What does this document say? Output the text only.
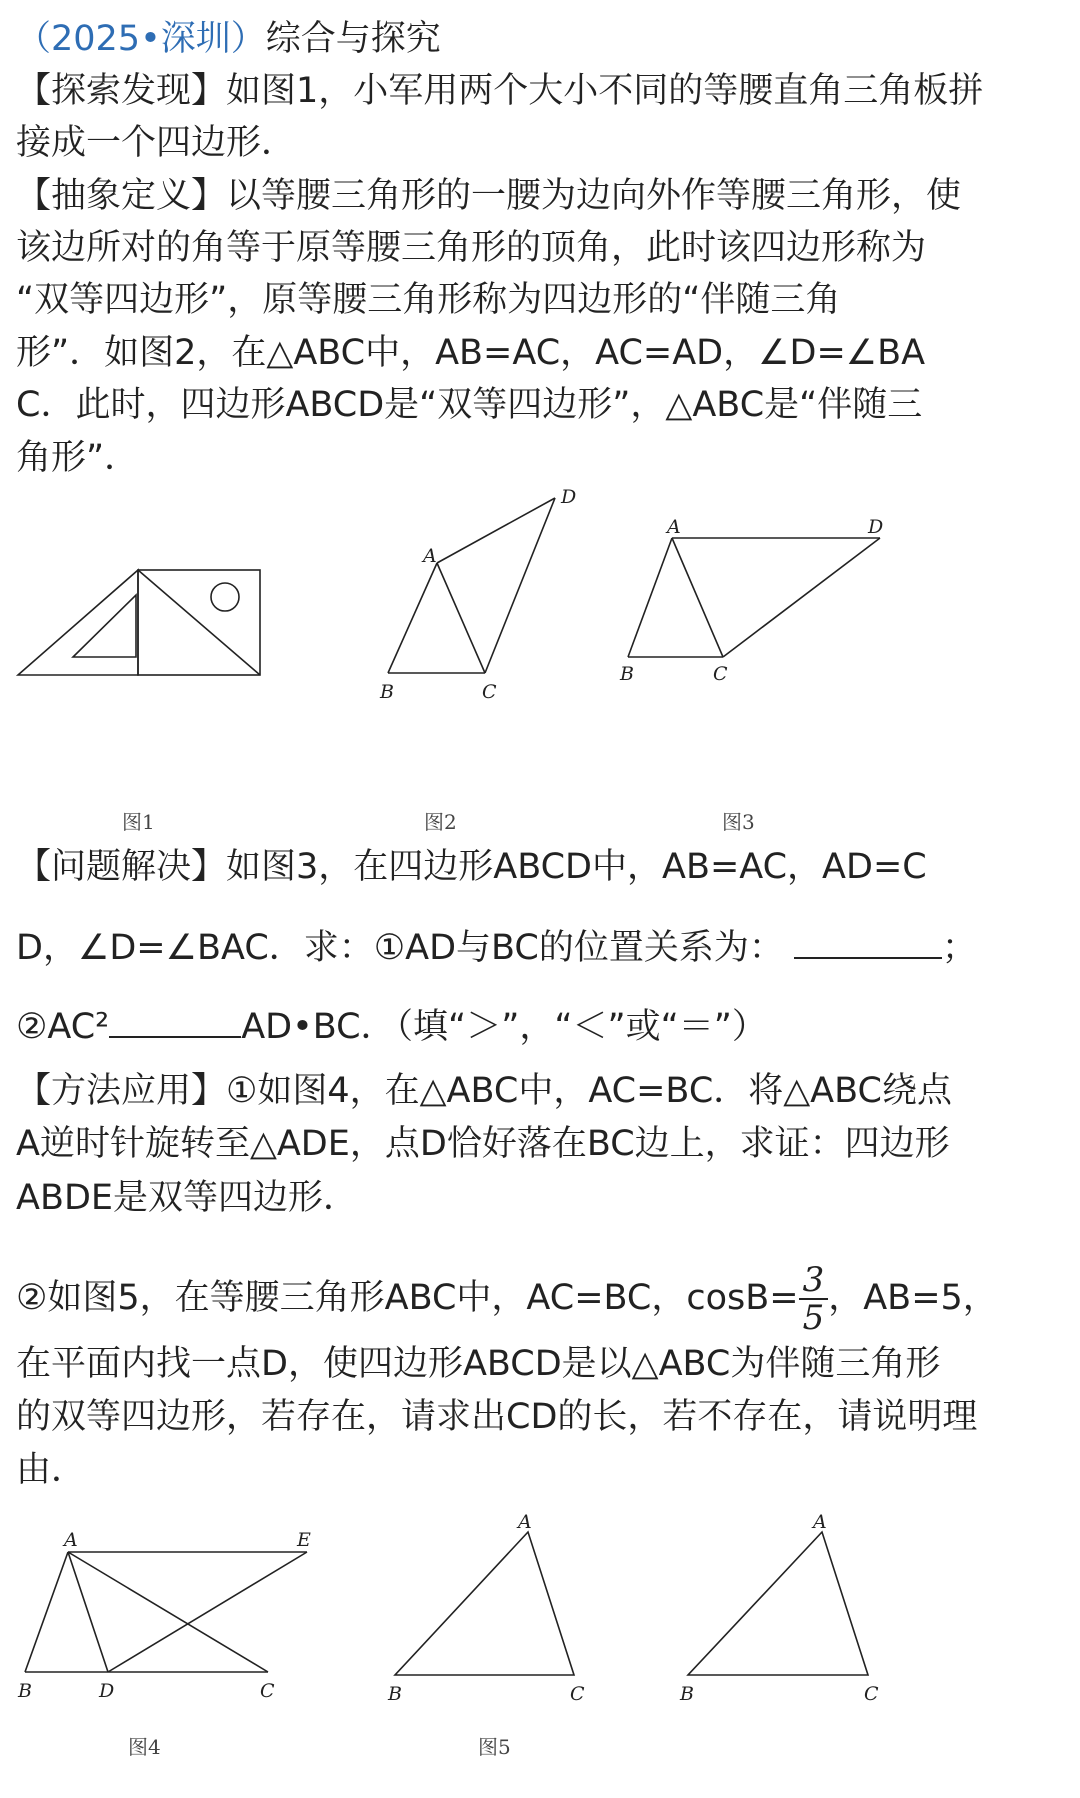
（2025•深圳）综合与探究
【探索发现】如图1，小军用两个大小不同的等腰直角三角板拼
接成一个四边形．
【抽象定义】以等腰三角形的一腰为边向外作等腰三角形，使
该边所对的角等于原等腰三角形的顶角，此时该四边形称为
“双等四边形”，原等腰三角形称为四边形的“伴随三角
形”．如图2，在△ABC中，AB=AC，AC=AD，∠D=∠BA
C．此时，四边形ABCD是“双等四边形”，△ABC是“伴随三
角形”．
A
D
B	C
A	D
B	C
图1	图2	图3
【问题解决】如图3，在四边形ABCD中，AB=AC，AD=C
D，∠D=∠BAC．求：①AD与BC的位置关系为：	；
②AC²	AD•BC．（填“＞”，“＜”或“＝”）
【方法应用】①如图4，在△ABC中，AC=BC．将△ABC绕点
A逆时针旋转至△ADE，点D恰好落在BC边上，求证：四边形
ABDE是双等四边形．
②如图5，在等腰三角形ABC中，AC=BC，$\cos B= \frac{3}{5}$ ，AB=5，
在平面内找一点D，使四边形ABCD是以△ABC为伴随三角形
的双等四边形，若存在，请求出CD的长，若不存在，请说明理
由．
A	E
B	D	C
A
B	C
A
B	C
图4	图5
